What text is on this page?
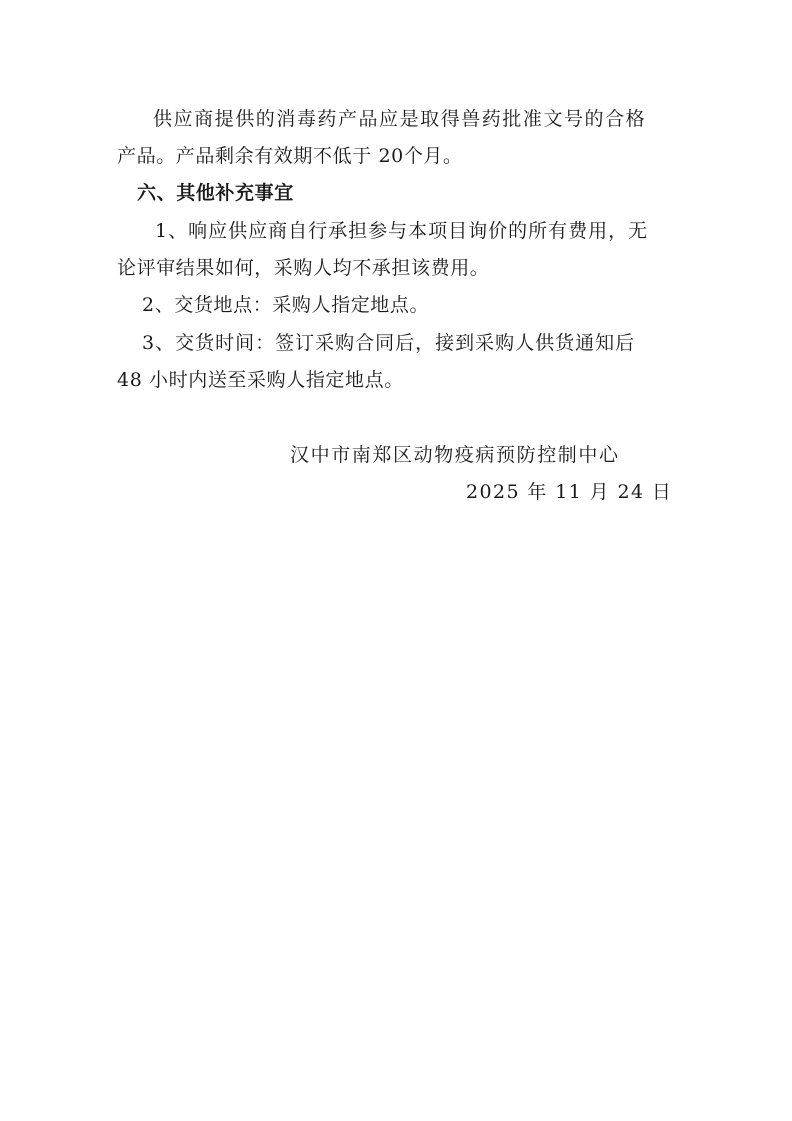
供应商提供的消毒药产品应是取得兽药批准文号的合格
产品。产品剩余有效期不低于 20个月。
六、其他补充事宜
1、响应供应商自行承担参与本项目询价的所有费用，无
论评审结果如何，采购人均不承担该费用。
2、交货地点：采购人指定地点。
3、交货时间：签订采购合同后，接到采购人供货通知后
48 小时内送至采购人指定地点。
汉中市南郑区动物疫病预防控制中心
2025 年 11 月 24 日
